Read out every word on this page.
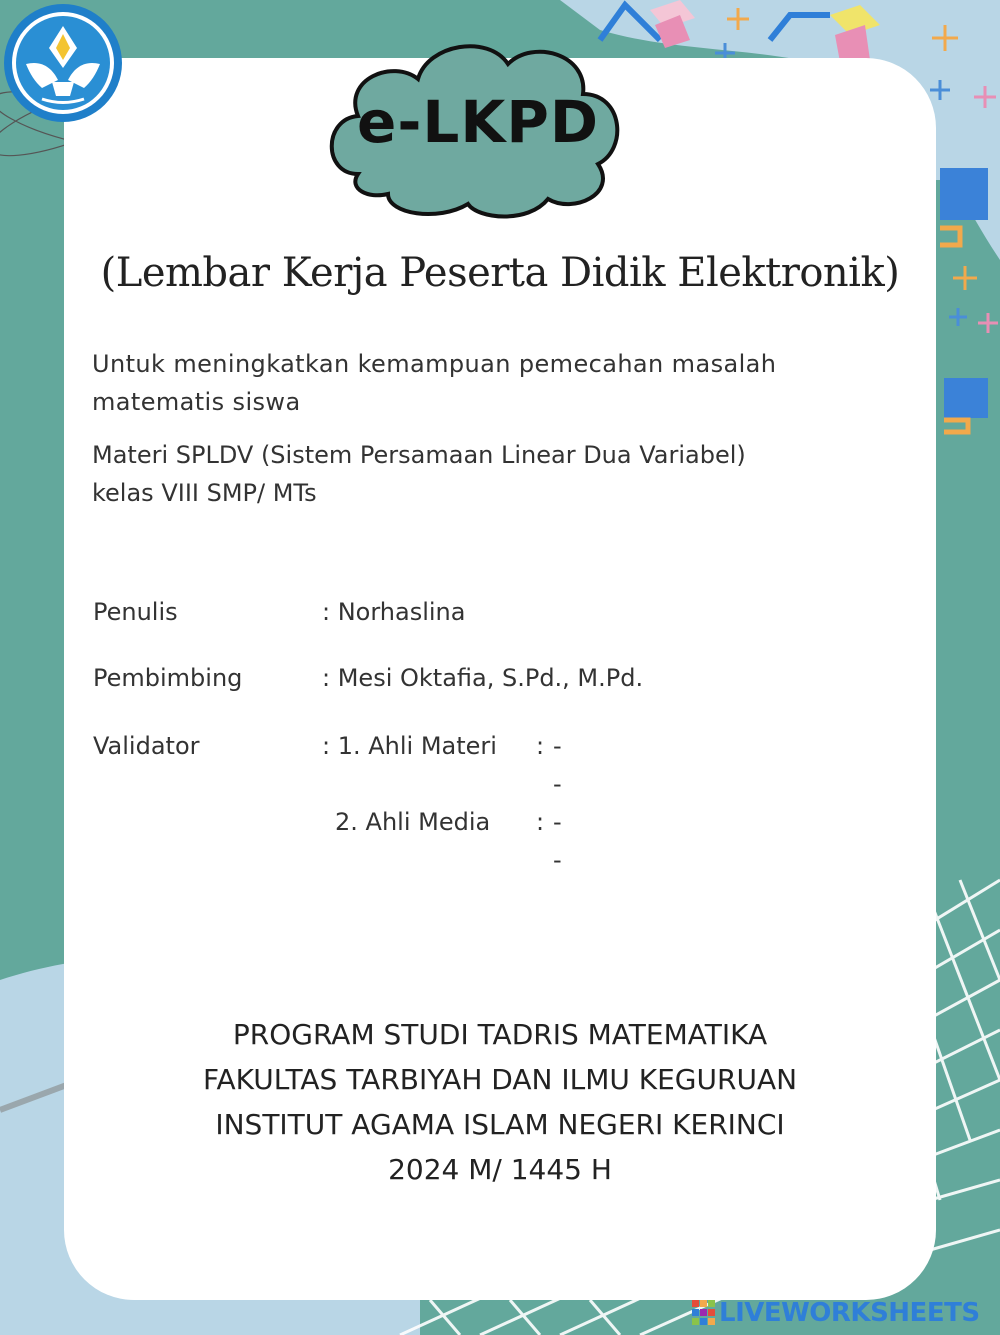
e-LKPD
(Lembar Kerja Peserta Didik Elektronik)
Untuk meningkatkan kemampuan pemecahan masalah
matematis siswa
Materi SPLDV (Sistem Persamaan Linear Dua Variabel)
kelas VIII SMP/ MTs
Penulis	: Norhaslina
Pembimbing	: Mesi Oktafia, S.Pd., M.Pd.
Validator	: 1. Ahli Materi : -
-
2. Ahli Media : -
-
PROGRAM STUDI TADRIS MATEMATIKA
FAKULTAS TARBIYAH DAN ILMU KEGURUAN
INSTITUT AGAMA ISLAM NEGERI KERINCI
2024 M/ 1445 H
LIVEWORKSHEETS
